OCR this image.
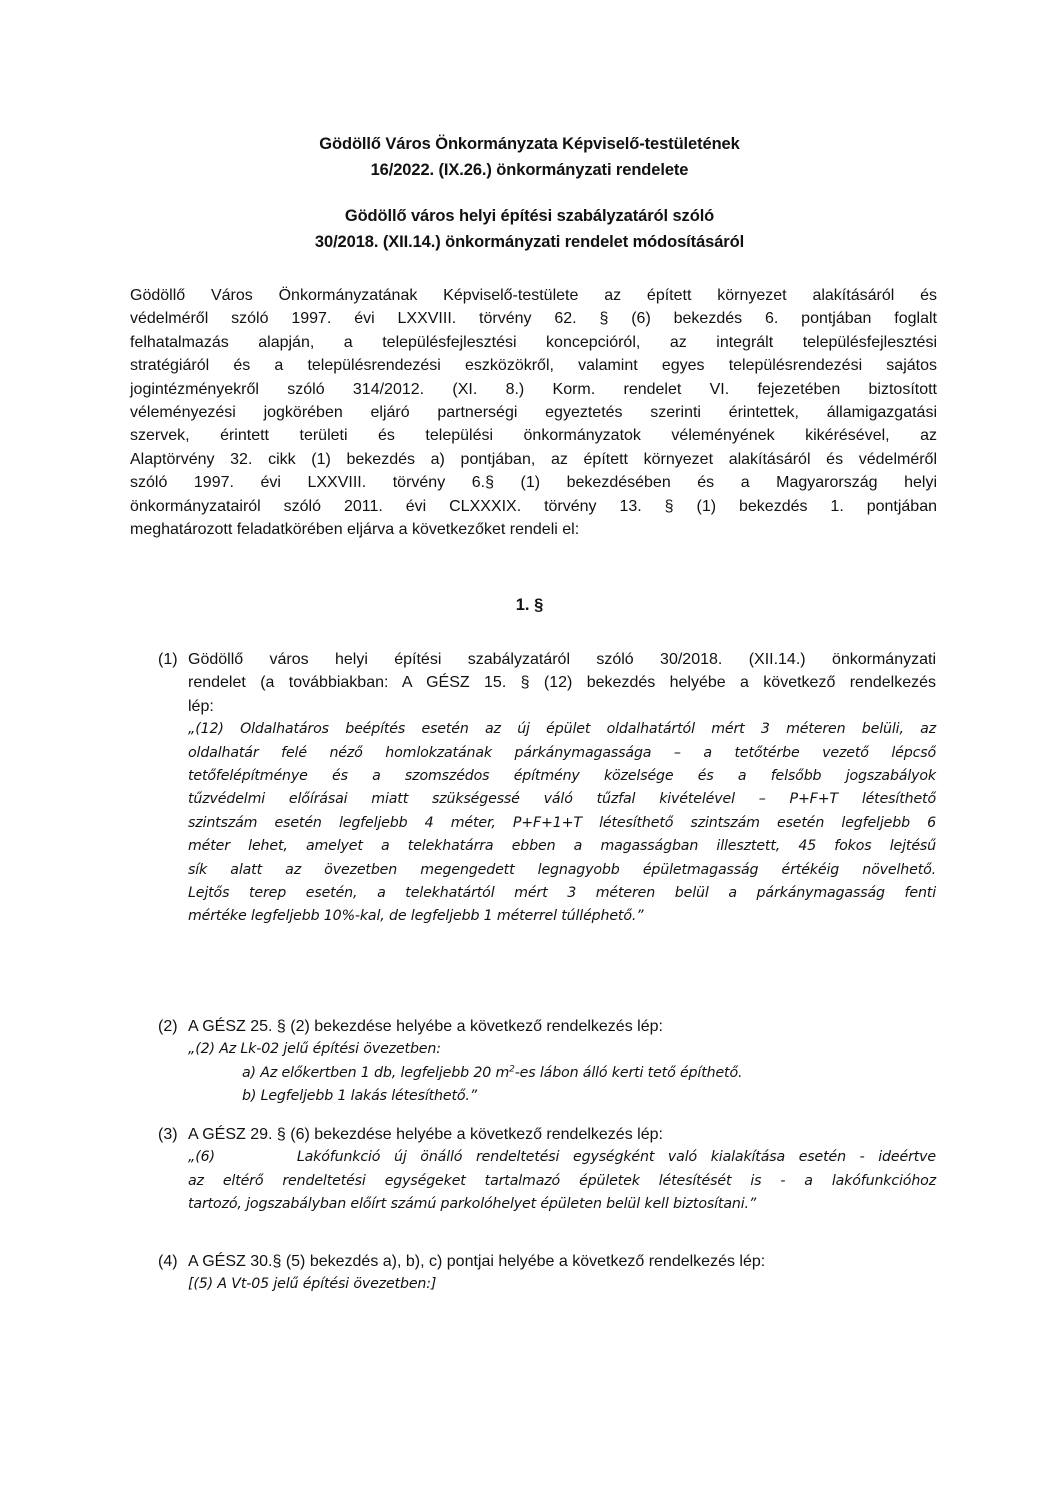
Gödöllő Város Önkormányzata Képviselő-testületének
16/2022. (IX.26.) önkormányzati rendelete
Gödöllő város helyi építési szabályzatáról szóló
30/2018. (XII.14.) önkormányzati rendelet módosításáról
Gödöllő Város Önkormányzatának Képviselő-testülete az épített környezet alakításáról és
védelméről szóló 1997. évi LXXVIII. törvény 62. § (6) bekezdés 6. pontjában foglalt
felhatalmazás alapján, a településfejlesztési koncepcióról, az integrált településfejlesztési
stratégiáról és a településrendezési eszközökről, valamint egyes településrendezési sajátos
jogintézményekről szóló 314/2012. (XI. 8.) Korm. rendelet VI. fejezetében biztosított
véleményezési jogkörében eljáró partnerségi egyeztetés szerinti érintettek, államigazgatási
szervek, érintett területi és települési önkormányzatok véleményének kikérésével, az
Alaptörvény 32. cikk (1) bekezdés a) pontjában, az épített környezet alakításáról és védelméről
szóló 1997. évi LXXVIII. törvény 6.§ (1) bekezdésében és a Magyarország helyi
önkormányzatairól szóló 2011. évi CLXXXIX. törvény 13. § (1) bekezdés 1. pontjában
meghatározott feladatkörében eljárva a következőket rendeli el:
1. §
(1) Gödöllő város helyi építési szabályzatáról szóló 30/2018. (XII.14.) önkormányzati
rendelet (a továbbiakban: A GÉSZ 15. § (12) bekezdés helyébe a következő rendelkezés
lép:
„(12) Oldalhatáros beépítés esetén az új épület oldalhatártól mért 3 méteren belüli, az
oldalhatár felé néző homlokzatának párkánymagassága – a tetőtérbe vezető lépcső
tetőfelépítménye és a szomszédos építmény közelsége és a felsőbb jogszabályok
tűzvédelmi előírásai miatt szükségessé váló tűzfal kivételével – P+F+T létesíthető
szintszám esetén legfeljebb 4 méter, P+F+1+T létesíthető szintszám esetén legfeljebb 6
méter lehet, amelyet a telekhatárra ebben a magasságban illesztett, 45 fokos lejtésű
sík alatt az övezetben megengedett legnagyobb épületmagasság értékéig növelhető.
Lejtős terep esetén, a telekhatártól mért 3 méteren belül a párkánymagasság fenti
mértéke legfeljebb 10%-kal, de legfeljebb 1 méterrel túlléphető.”
(2) A GÉSZ 25. § (2) bekezdése helyébe a következő rendelkezés lép:
„(2) Az Lk-02 jelű építési övezetben:
a) Az előkertben 1 db, legfeljebb 20 $m^2-es$ lábon álló kerti tető építhető.
b) Legfeljebb 1 lakás létesíthető.”
(3) A GÉSZ 29. § (6) bekezdése helyébe a következő rendelkezés lép:
„(6)      Lakófunkció új önálló rendeltetési egységként való kialakítása esetén - ideértve
az eltérő rendeltetési egységeket tartalmazó épületek létesítését is - a lakófunkcióhoz
tartozó, jogszabályban előírt számú parkolóhelyet épületen belül kell biztosítani.”
(4) A GÉSZ 30.§ (5) bekezdés a), b), c) pontjai helyébe a következő rendelkezés lép:
[(5) A Vt-05 jelű építési övezetben:]
